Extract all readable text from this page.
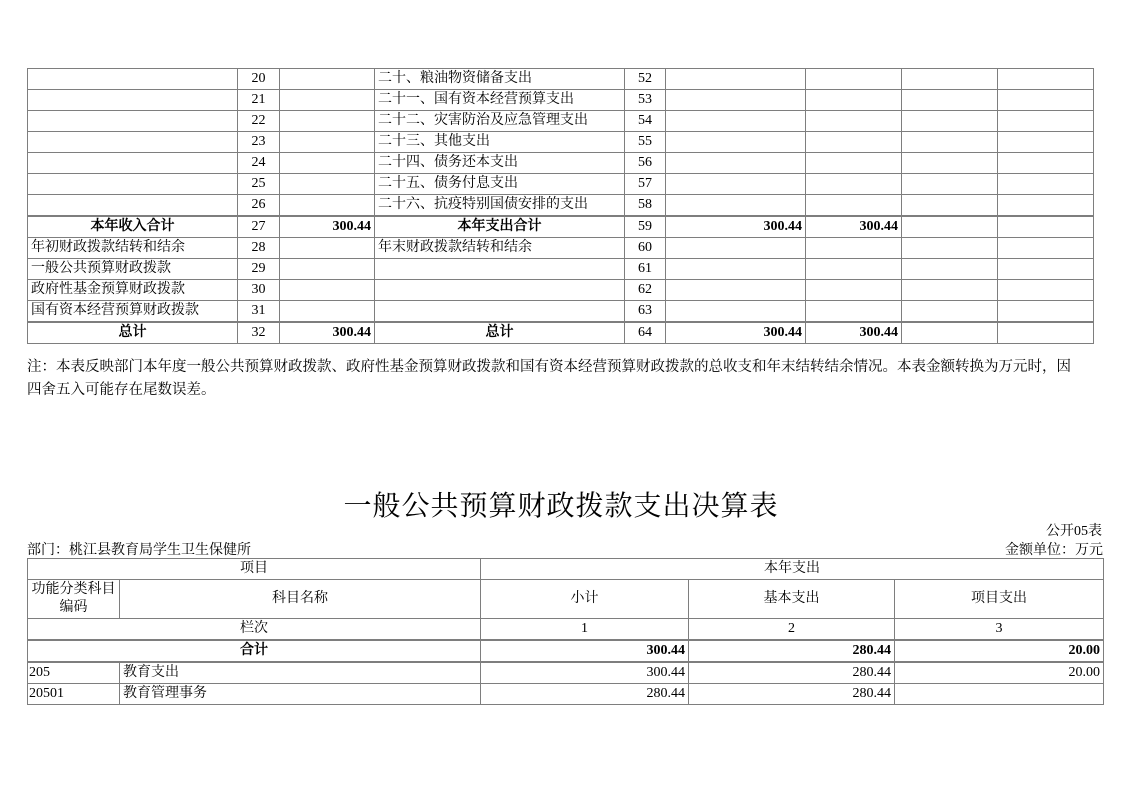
	20		二十、粮油物资储备支出	52				
	21		二十一、国有资本经营预算支出	53				
	22		二十二、灾害防治及应急管理支出	54				
	23		二十三、其他支出	55				
	24		二十四、债务还本支出	56				
	25		二十五、债务付息支出	57				
	26		二十六、抗疫特别国债安排的支出	58				
本年收入合计	27	300.44	本年支出合计	59	300.44	300.44		
年初财政拨款结转和结余	28		年末财政拨款结转和结余	60				
一般公共预算财政拨款	29			61				
政府性基金预算财政拨款	30			62				
国有资本经营预算财政拨款	31			63				
总计	32	300.44	总计	64	300.44	300.44		

注：本表反映部门本年度一般公共预算财政拨款、政府性基金预算财政拨款和国有资本经营预算财政拨款的总收支和年末结转结余情况。本表金额转换为万元时，因四舍五入可能存在尾数误差。

一般公共预算财政拨款支出决算表
公开05表
部门：桃江县教育局学生卫生保健所	金额单位：万元
项目		本年支出		
功能分类科目编码	科目名称	小计	基本支出	项目支出
栏次		1	2	3
合计		300.44	280.44	20.00
205	教育支出	300.44	280.44	20.00
20501	教育管理事务	280.44	280.44	
